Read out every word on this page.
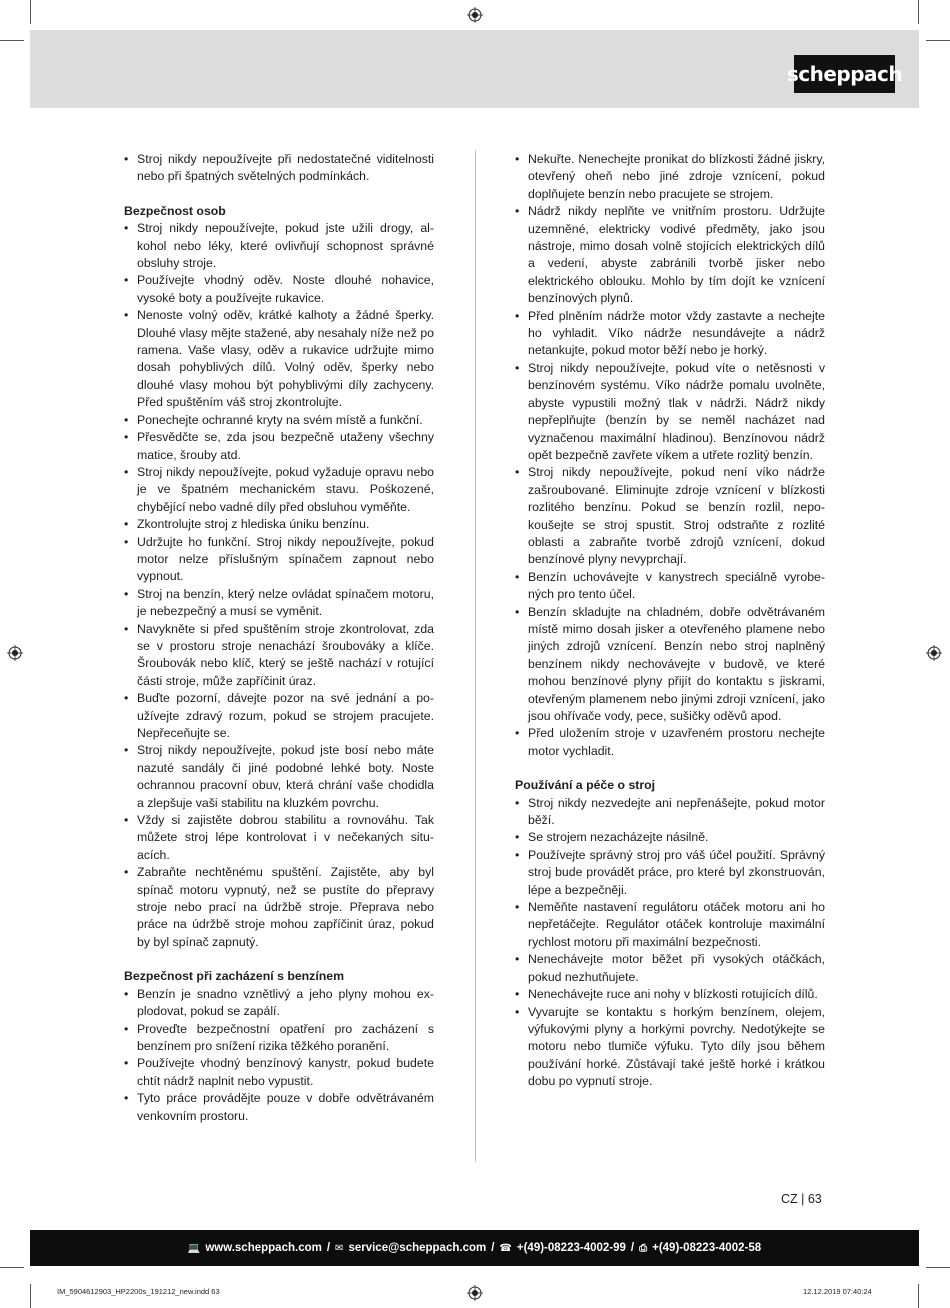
scheppach
• Stroj nikdy nepoužívejte při nedostatečné viditelnosti nebo při špatných světelných podmínkách.
Bezpečnost osob
• Stroj nikdy nepoužívejte, pokud jste užili drogy, alkohol nebo léky, které ovlivňují schopnost správné obsluhy stroje.
• Používejte vhodný oděv. Noste dlouhé nohavice, vysoké boty a používejte rukavice.
• Nenoste volný oděv, krátké kalhoty a žádné šperky. Dlouhé vlasy mějte stažené, aby nesahaly níže než po ramena. Vaše vlasy, oděv a rukavice udržujte mimo dosah pohyblivých dílů. Volný oděv, šperky nebo dlouhé vlasy mohou být pohyblivými díly zachyceny. Před spuštěním váš stroj zkontrolujte.
• Ponechejte ochranné kryty na svém místě a funkční.
• Přesvědčte se, zda jsou bezpečně utaženy všechny matice, šrouby atd.
• Stroj nikdy nepoužívejte, pokud vyžaduje opravu nebo je ve špatném mechanickém stavu. Pośkozené, chybějící nebo vadné díly před obsluhou vyměňte.
• Zkontrolujte stroj z hlediska úniku benzínu.
• Udržujte ho funkční. Stroj nikdy nepoužívejte, pokud motor nelze příslušným spínačem zapnout nebo vypnout.
• Stroj na benzín, který nelze ovládat spínačem motoru, je nebezpečný a musí se vyměnit.
• Navykněte si před spuštěním stroje zkontrolovat, zda se v prostoru stroje nenachází šroubováky a klíče. Šroubovák nebo klíč, který se ještě nachází v rotující části stroje, může zapříčinit úraz.
• Buďte pozorní, dávejte pozor na své jednání a používejte zdravý rozum, pokud se strojem pracujete. Nepřeceňujte se.
• Stroj nikdy nepoužívejte, pokud jste bosí nebo máte nazuté sandály či jiné podobné lehké boty. Noste ochrannou pracovní obuv, která chrání vaše chodidla a zlepšuje vaši stabilitu na kluzkém povrchu.
• Vždy si zajistěte dobrou stabilitu a rovnováhu. Tak můžete stroj lépe kontrolovat i v nečekaných situacích.
• Zabraňte nechtěnému spuštění. Zajistěte, aby byl spínač motoru vypnutý, než se pustíte do přepravy stroje nebo prací na údržbě stroje. Přeprava nebo práce na údržbě stroje mohou zapříčinit úraz, pokud by byl spínač zapnutý.
Bezpečnost při zacházení s benzínem
• Benzín je snadno vznětlivý a jeho plyny mohou explodovat, pokud se zapálí.
• Proveďte bezpečnostní opatření pro zacházení s benzínem pro snížení rizika těžkého poranění.
• Používejte vhodný benzínový kanystr, pokud budete chtít nádrž naplnit nebo vypustit.
• Tyto práce provádějte pouze v dobře odvětrávaném venkovním prostoru.
• Nekuřte. Nenechejte pronikat do blízkosti žádné jiskry, otevřený oheň nebo jiné zdroje vznícení, pokud doplňujete benzín nebo pracujete se strojem.
• Nádrž nikdy neplňte ve vnitřním prostoru. Udržujte uzemněné, elektricky vodivé předměty, jako jsou nástroje, mimo dosah volně stojících elektrických dílů a vedení, abyste zabránili tvorbě jisker nebo elektrického oblouku. Mohlo by tím dojít ke vznícení benzínových plynů.
• Před plněním nádrže motor vždy zastavte a nechejte ho vyhladit. Víko nádrže nesundávejte a nádrž netankujte, pokud motor běží nebo je horký.
• Stroj nikdy nepoužívejte, pokud víte o netěsnosti v benzínovém systému. Víko nádrže pomalu uvolněte, abyste vypustili možný tlak v nádrži. Nádrž nikdy nepřeplňujte (benzín by se neměl nacházet nad vyznačenou maximální hladinou). Benzínovou nádrž opět bezpečně zavřete víkem a utřete rozlitý benzín.
• Stroj nikdy nepoužívejte, pokud není víko nádrže zašroubované. Eliminujte zdroje vznícení v blízkosti rozlitého benzínu. Pokud se benzín rozlil, nepokoušejte se stroj spustit. Stroj odstraňte z rozlité oblasti a zabraňte tvorbě zdrojů vznícení, dokud benzínové plyny nevyprchají.
• Benzín uchovávejte v kanystrech speciálně vyrobených pro tento účel.
• Benzín skladujte na chladném, dobře odvětrávaném místě mimo dosah jisker a otevřeného plamene nebo jiných zdrojů vznícení. Benzín nebo stroj naplněný benzínem nikdy nechovávejte v budově, ve které mohou benzínové plyny přijít do kontaktu s jiskrami, otevřeným plamenem nebo jinými zdroji vznícení, jako jsou ohřívače vody, pece, sušičky oděvů apod.
• Před uložením stroje v uzavřeném prostoru nechejte motor vychladit.
Používání a péče o stroj
• Stroj nikdy nezvedejte ani nepřenášejte, pokud motor běží.
• Se strojem nezacházejte násilně.
• Používejte správný stroj pro váš účel použití. Správný stroj bude provádět práce, pro které byl zkonstruován, lépe a bezpečněji.
• Neměňte nastavení regulátoru otáček motoru ani ho nepřetáčejte. Regulátor otáček kontroluje maximální rychlost motoru při maximální bezpečnosti.
• Nenechávejte motor běžet při vysokých otáčkách, pokud nezhutňujete.
• Nenechávejte ruce ani nohy v blízkosti rotujících dílů.
• Vyvarujte se kontaktu s horkým benzínem, olejem, výfukovými plyny a horkými povrchy. Nedotýkejte se motoru nebo tlumiče výfuku. Tyto díly jsou během používání horké. Zůstávají také ještě horké i krátkou dobu po vypnutí stroje.
CZ | 63
💻 www.scheppach.com / ✉ service@scheppach.com / ☎ +(49)-08223-4002-99 / ⎙ +(49)-08223-4002-58
IM_5904612903_HP2200s_191212_new.indd 63	12.12.2019 07:40:24
